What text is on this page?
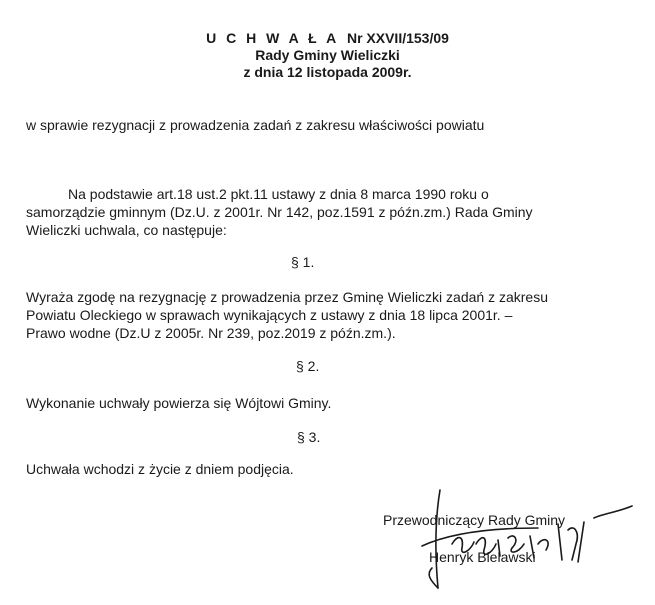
U C H W A Ł A Nr XXVII/153/09
Rady Gminy Wieliczki
z dnia 12 listopada 2009r.
w sprawie rezygnacji z prowadzenia zadań z zakresu właściwości powiatu
Na podstawie art.18 ust.2 pkt.11 ustawy z dnia 8 marca 1990 roku o
samorządzie gminnym (Dz.U. z 2001r. Nr 142, poz.1591 z późn.zm.) Rada Gminy
Wieliczki uchwala, co następuje:
§ 1.
Wyraża zgodę na rezygnację z prowadzenia przez Gminę Wieliczki zadań z zakresu
Powiatu Oleckiego w sprawach wynikających z ustawy z dnia 18 lipca 2001r. –
Prawo wodne (Dz.U z 2005r. Nr 239, poz.2019 z późn.zm.).
§ 2.
Wykonanie uchwały powierza się Wójtowi Gminy.
§ 3.
Uchwała wchodzi z życie z dniem podjęcia.
Przewodniczący Rady Gminy
Henryk Bielawski
